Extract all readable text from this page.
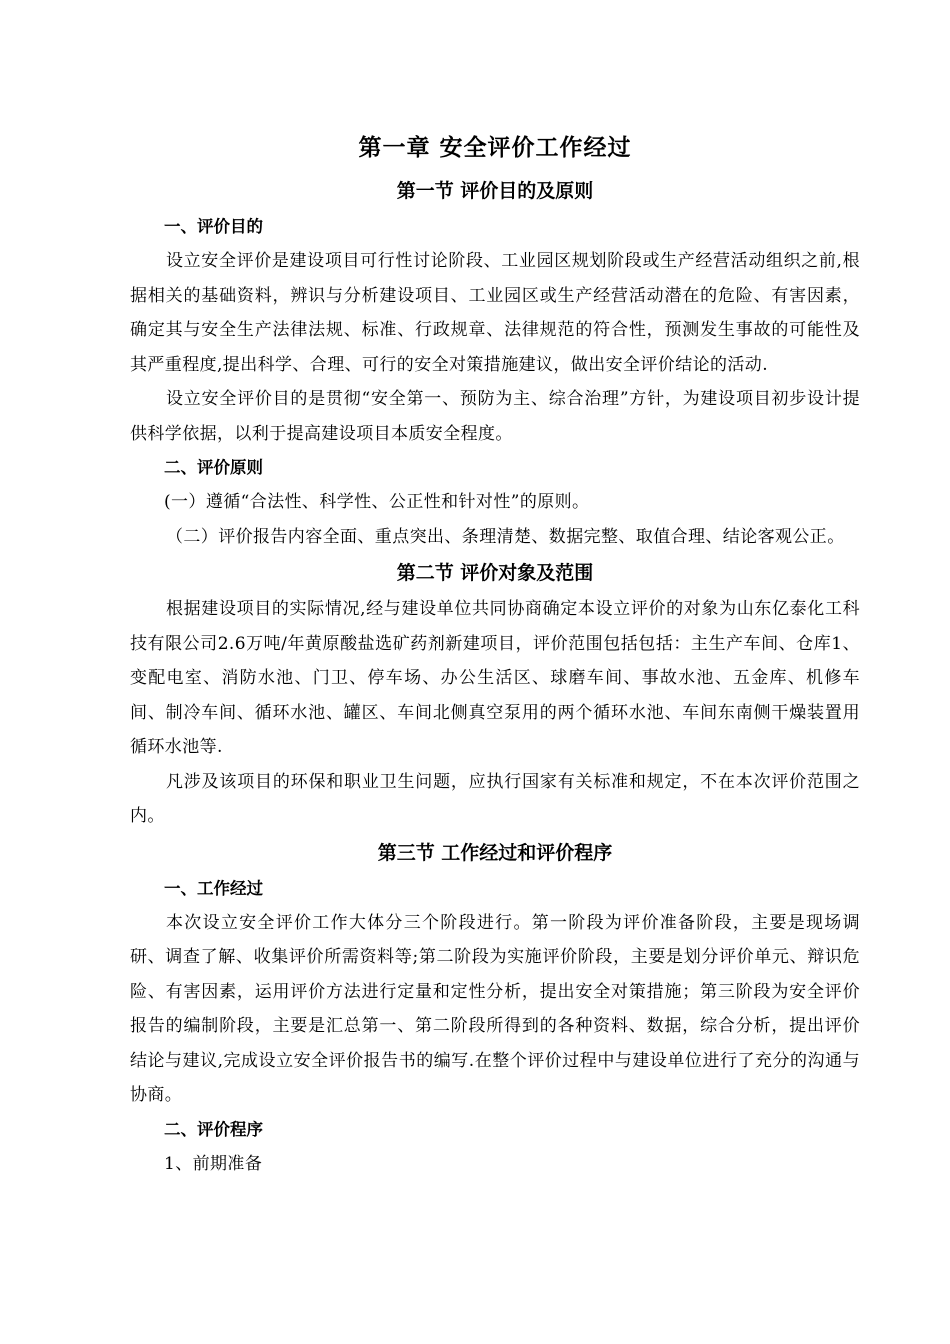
第一章 安全评价工作经过
第一节 评价目的及原则
一、评价目的

设立安全评价是建设项目可行性讨论阶段、工业园区规划阶段或生产经营活动组织之前,根据相关的基础资料，辨识与分析建设项目、工业园区或生产经营活动潜在的危险、有害因素，确定其与安全生产法律法规、标准、行政规章、法律规范的符合性，预测发生事故的可能性及其严重程度,提出科学、合理、可行的安全对策措施建议，做出安全评价结论的活动.

设立安全评价目的是贯彻“安全第一、预防为主、综合治理”方针，为建设项目初步设计提供科学依据，以利于提高建设项目本质安全程度。

二、评价原则

(一）遵循“合法性、科学性、公正性和针对性”的原则。

（二）评价报告内容全面、重点突出、条理清楚、数据完整、取值合理、结论客观公正。

第二节 评价对象及范围

根据建设项目的实际情况,经与建设单位共同协商确定本设立评价的对象为山东亿泰化工科技有限公司2.6万吨/年黄原酸盐选矿药剂新建项目，评价范围包括包括：主生产车间、仓库1、变配电室、消防水池、门卫、停车场、办公生活区、球磨车间、事故水池、五金库、机修车间、制冷车间、循环水池、罐区、车间北侧真空泵用的两个循环水池、车间东南侧干燥装置用循环水池等.

凡涉及该项目的环保和职业卫生问题，应执行国家有关标准和规定，不在本次评价范围之内。

第三节 工作经过和评价程序
一、工作经过

本次设立安全评价工作大体分三个阶段进行。第一阶段为评价准备阶段，主要是现场调研、调查了解、收集评价所需资料等;第二阶段为实施评价阶段，主要是划分评价单元、辩识危险、有害因素，运用评价方法进行定量和定性分析，提出安全对策措施；第三阶段为安全评价报告的编制阶段，主要是汇总第一、第二阶段所得到的各种资料、数据，综合分析，提出评价结论与建议,完成设立安全评价报告书的编写.在整个评价过程中与建设单位进行了充分的沟通与协商。

二、评价程序

1、前期准备
